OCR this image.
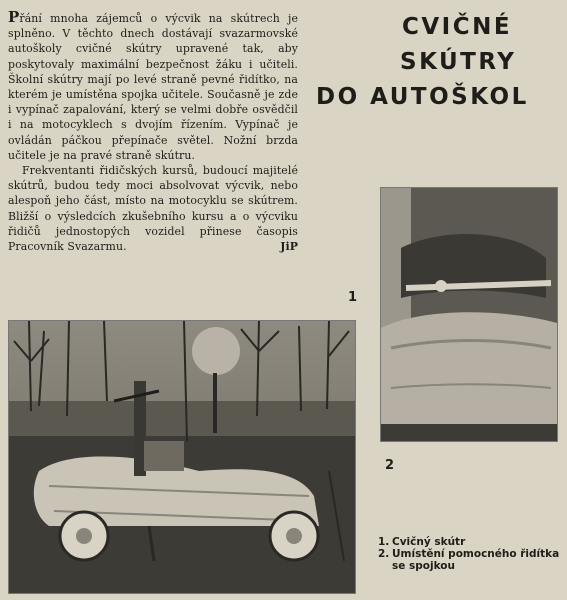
Přání mnoha zájemců o výcvik na skútrech je splněno. V těchto dnech dostávají svazarmovské autoškoly cvičné skútry upravené tak, aby poskytovaly maximální bezpečnost žáku i učiteli. Školní skútry mají po levé straně pevné řidítko, na kterém je umístěna spojka učitele. Současně je zde i vypínač zapalování, který se velmi dobře osvědčil i na motocyklech s dvojím řízením. Vypínač je ovládán páčkou přepínače světel. Nožní brzda učitele je na pravé straně skútru.

Frekventanti řidičských kursů, budoucí majitelé skútrů, budou tedy moci absolvovat výcvik, nebo alespoň jeho část, místo na motocyklu se skútrem. Bližší o výsledcích zkušebního kursu a o výcviku řidičů jednostopých vozidel přinese časopis Pracovník Svazarmu.	JiP
CVIČNÉ
SKÚTRY
DO AUTOŠKOL
1
2
1. Cvičný skútr
2. Umístění pomocného řidítka se spojkou
